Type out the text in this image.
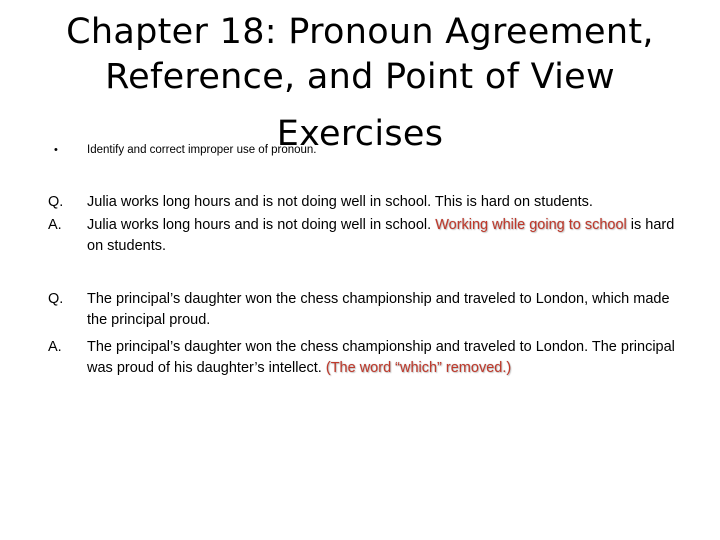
Chapter 18: Pronoun Agreement,
Reference, and Point of View
Exercises
•	Identify and correct improper use of pronoun.
Q. Julia works long hours and is not doing well in school. This is hard on students.
A. Julia works long hours and is not doing well in school. Working while going to school is hard on students.
Q. The principal’s daughter won the chess championship and traveled to London, which made the principal proud.
A. The principal’s daughter won the chess championship and traveled to London. The principal was proud of his daughter’s intellect. (The word “which” removed.)
